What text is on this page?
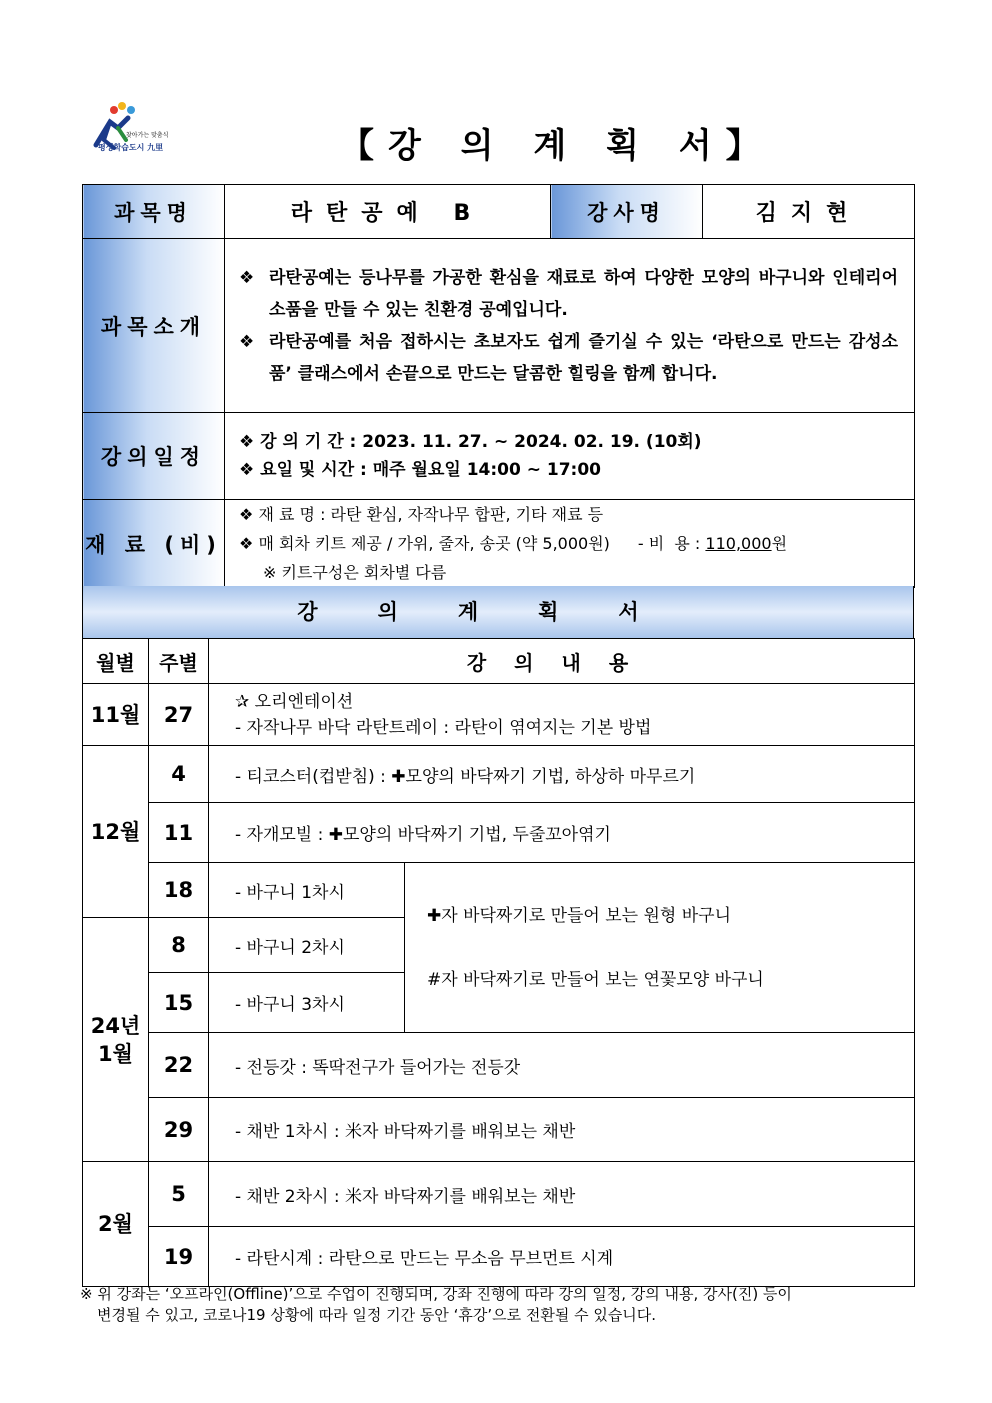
찾아가는 맞춤식
평생학습도시 九里	【강 의 계 획 서】
과목명	라탄공예 B	강사명	김지현
과목소개	❖ 라탄공예는 등나무를 가공한 환심을 재료로 하여 다양한 모양의 바구니와 인테리어 소품을 만들 수 있는 친환경 공예입니다.
❖ 라탄공예를 처음 접하시는 초보자도 쉽게 즐기실 수 있는 ‘라탄으로 만드는 감성소품’ 클래스에서 손끝으로 만드는 달콤한 힐링을 함께 합니다.		

강의일정	❖ 강 의 기 간 : 2023. 11. 27. ~ 2024. 02. 19. (10회)
❖ 요일 및 시간 : 매주 월요일 14:00 ~ 17:00		

재 료 (비)	❖ 재 료 명 : 라탄 환심, 자작나무 합판, 기타 재료 등
❖ 매 회차 키트 제공 / 가위, 줄자, 송곳 (약 5,000원) - 비  용 : 110,000원
※ 키트구성은 회차별 다름		
강의계획서
월별	주별	강의내용	
11월	27	✰ 오리엔테이션
- 자작나무 바닥 라탄트레이 : 라탄이 엮여지는 기본 방법	

12월	4	- 티코스터(컵받침) : ✚모양의 바닥짜기 기법, 하상하 마무르기	
	11	- 자개모빌 : ✚모양의 바닥짜기 기법, 두줄꼬아엮기	
	18	- 바구니 1차시	✚자 바닥짜기로 만들어 보는 원형 바구니
#자 바닥짜기로 만들어 보는 연꽃모양 바구니

24년 1월	8	- 바구니 2차시	
	15	- 바구니 3차시	
	22	- 전등갓 : 똑딱전구가 들어가는 전등갓	
	29	- 채반 1차시 : ⽶자 바닥짜기를 배워보는 채반	
2월	5	- 채반 2차시 : ⽶자 바닥짜기를 배워보는 채반	
	19	- 라탄시계 : 라탄으로 만드는 무소음 무브먼트 시계	
※ 위 강좌는 ‘오프라인(Offline)’으로 수업이 진행되며, 강좌 진행에 따라 강의 일정, 강의 내용, 강사(진) 등이
변경될 수 있고, 코로나19 상황에 따라 일정 기간 동안 ‘휴강’으로 전환될 수 있습니다.
